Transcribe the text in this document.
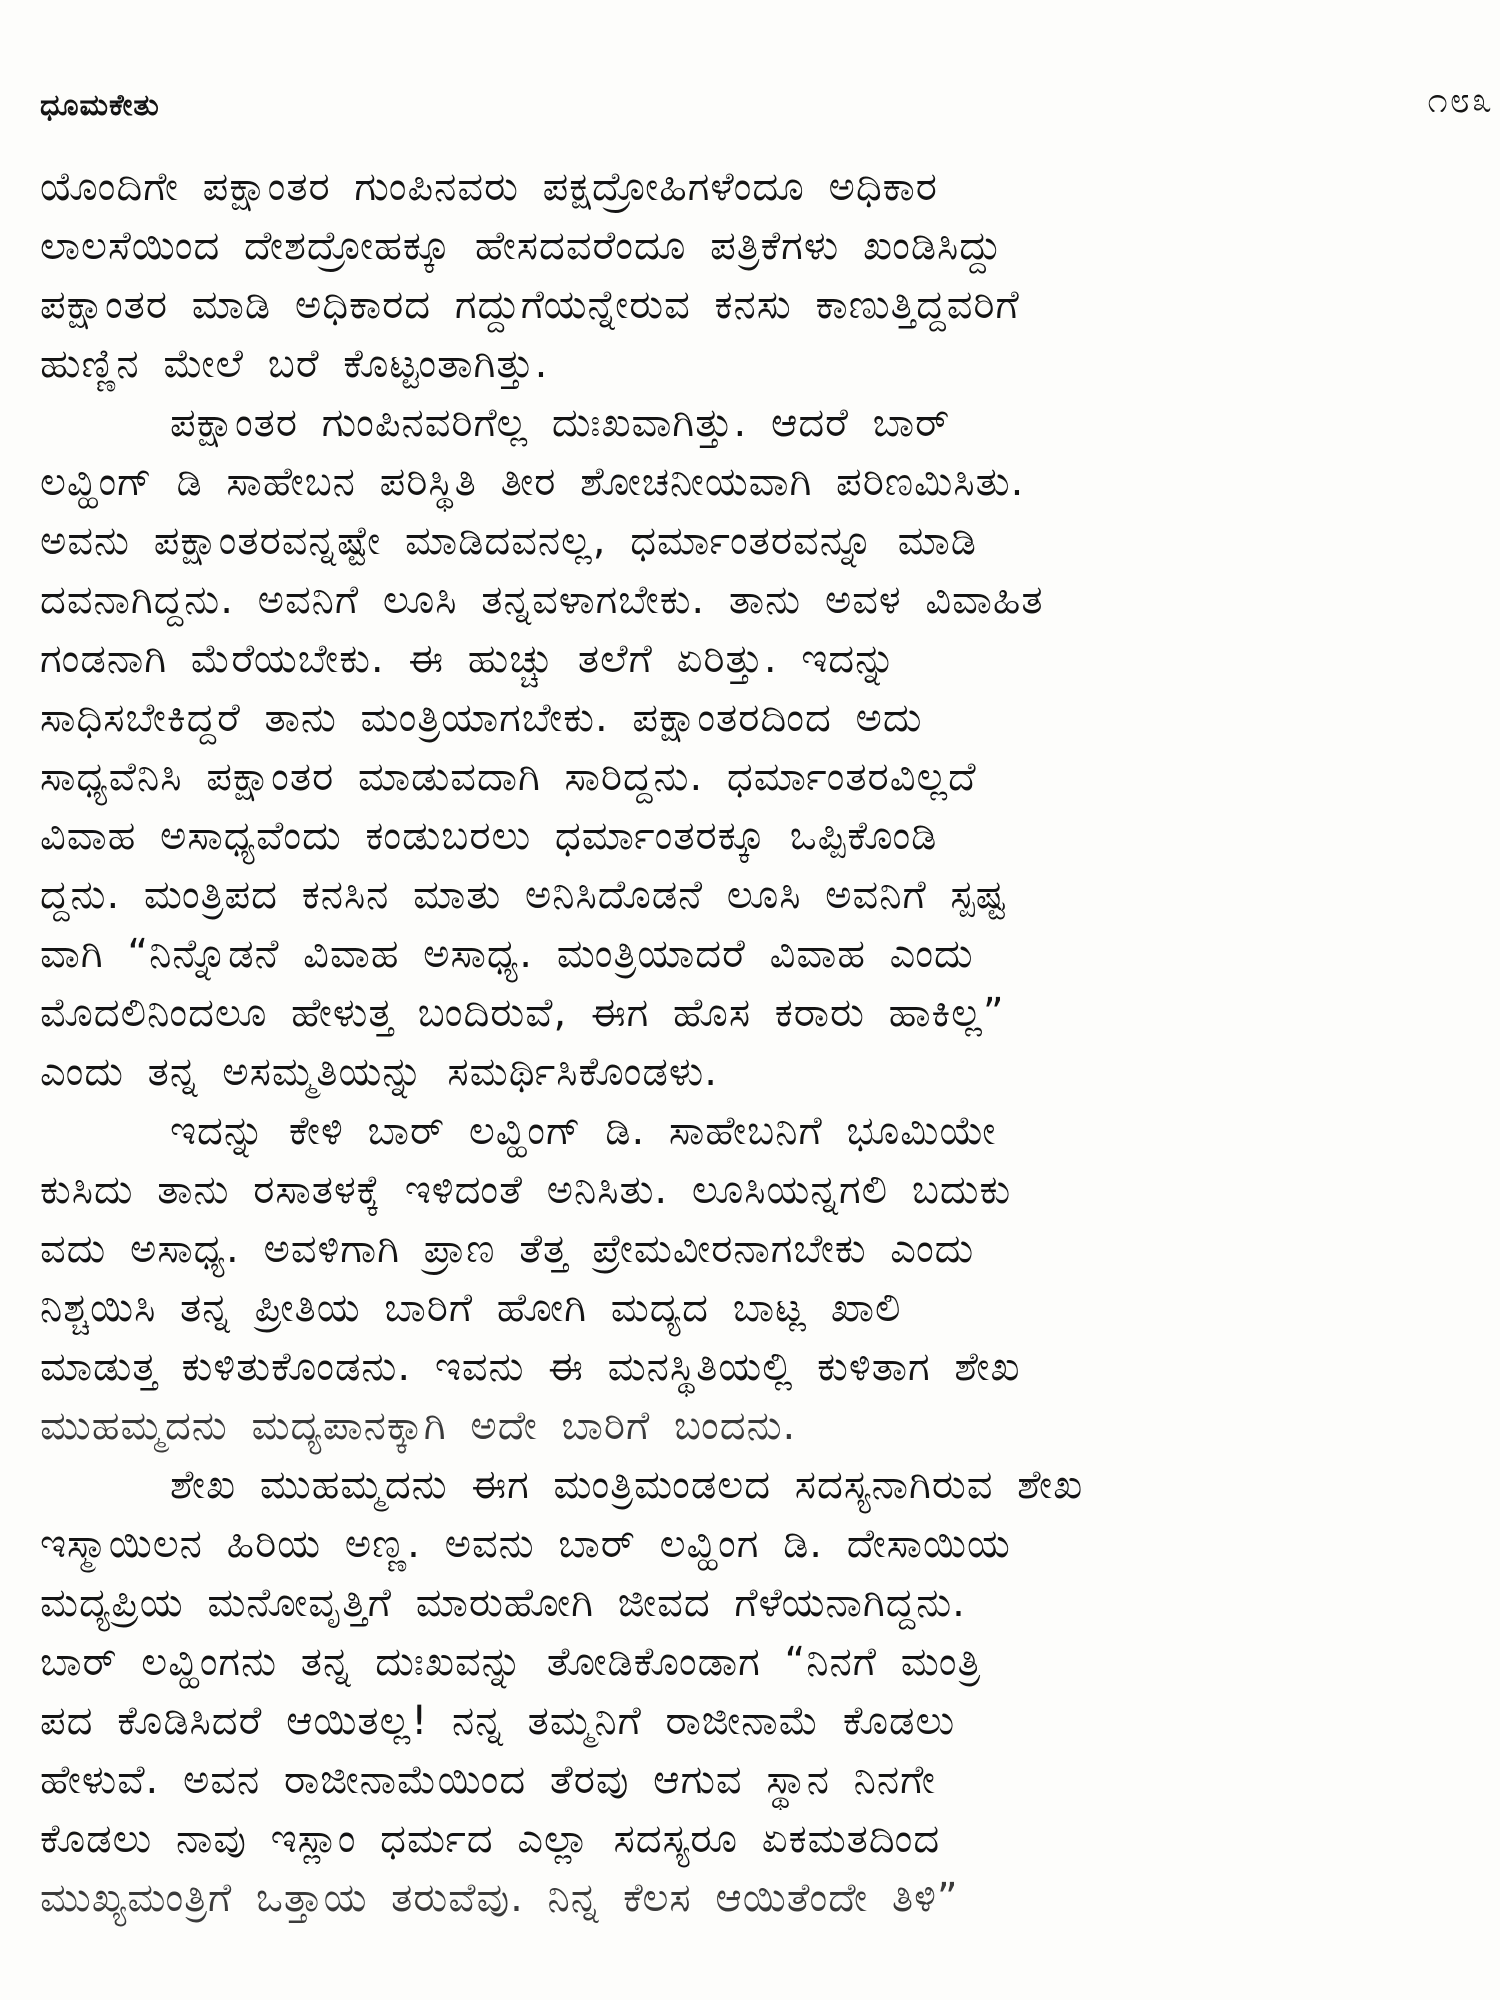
ಧೂಮಕೇತು	೧೮೩
ಯೊಂದಿಗೇ ಪಕ್ಷಾಂತರ ಗುಂಪಿನವರು ಪಕ್ಷದ್ರೋಹಿಗಳೆಂದೂ ಅಧಿಕಾರ
ಲಾಲಸೆಯಿಂದ ದೇಶದ್ರೋಹಕ್ಕೂ ಹೇಸದವರೆಂದೂ ಪತ್ರಿಕೆಗಳು ಖಂಡಿಸಿದ್ದು
ಪಕ್ಷಾಂತರ ಮಾಡಿ ಅಧಿಕಾರದ ಗದ್ದುಗೆಯನ್ನೇರುವ ಕನಸು ಕಾಣುತ್ತಿದ್ದವರಿಗೆ
ಹುಣ್ಣಿನ ಮೇಲೆ ಬರೆ ಕೊಟ್ಟಂತಾಗಿತ್ತು.
ಪಕ್ಷಾಂತರ ಗುಂಪಿನವರಿಗೆಲ್ಲ ದುಃಖವಾಗಿತ್ತು. ಆದರೆ ಬಾರ್
ಲವ್ಹಿಂಗ್ ಡಿ ಸಾಹೇಬನ ಪರಿಸ್ಥಿತಿ ತೀರ ಶೋಚನೀಯವಾಗಿ ಪರಿಣಮಿಸಿತು.
ಅವನು ಪಕ್ಷಾಂತರವನ್ನಷ್ಟೇ ಮಾಡಿದವನಲ್ಲ, ಧರ್ಮಾಂತರವನ್ನೂ ಮಾಡಿ
ದವನಾಗಿದ್ದನು. ಅವನಿಗೆ ಲೂಸಿ ತನ್ನವಳಾಗಬೇಕು. ತಾನು ಅವಳ ವಿವಾಹಿತ
ಗಂಡನಾಗಿ ಮೆರೆಯಬೇಕು. ಈ ಹುಚ್ಚು ತಲೆಗೆ ಏರಿತ್ತು. ಇದನ್ನು
ಸಾಧಿಸಬೇಕಿದ್ದರೆ ತಾನು ಮಂತ್ರಿಯಾಗಬೇಕು. ಪಕ್ಷಾಂತರದಿಂದ ಅದು
ಸಾಧ್ಯವೆನಿಸಿ ಪಕ್ಷಾಂತರ ಮಾಡುವದಾಗಿ ಸಾರಿದ್ದನು. ಧರ್ಮಾಂತರವಿಲ್ಲದೆ
ವಿವಾಹ ಅಸಾಧ್ಯವೆಂದು ಕಂಡುಬರಲು ಧರ್ಮಾಂತರಕ್ಕೂ ಒಪ್ಪಿಕೊಂಡಿ
ದ್ದನು. ಮಂತ್ರಿಪದ ಕನಸಿನ ಮಾತು ಅನಿಸಿದೊಡನೆ ಲೂಸಿ ಅವನಿಗೆ ಸ್ಪಷ್ಟ
ವಾಗಿ “ನಿನ್ನೊಡನೆ ವಿವಾಹ ಅಸಾಧ್ಯ. ಮಂತ್ರಿಯಾದರೆ ವಿವಾಹ ಎಂದು
ಮೊದಲಿನಿಂದಲೂ ಹೇಳುತ್ತ ಬಂದಿರುವೆ, ಈಗ ಹೊಸ ಕರಾರು ಹಾಕಿಲ್ಲ”
ಎಂದು ತನ್ನ ಅಸಮ್ಮತಿಯನ್ನು ಸಮರ್ಥಿಸಿಕೊಂಡಳು.
ಇದನ್ನು ಕೇಳಿ ಬಾರ್ ಲವ್ಹಿಂಗ್ ಡಿ. ಸಾಹೇಬನಿಗೆ ಭೂಮಿಯೇ
ಕುಸಿದು ತಾನು ರಸಾತಳಕ್ಕೆ ಇಳಿದಂತೆ ಅನಿಸಿತು. ಲೂಸಿಯನ್ನಗಲಿ ಬದುಕು
ವದು ಅಸಾಧ್ಯ. ಅವಳಿಗಾಗಿ ಪ್ರಾಣ ತೆತ್ತ ಪ್ರೇಮವೀರನಾಗಬೇಕು ಎಂದು
ನಿಶ್ಚಯಿಸಿ ತನ್ನ ಪ್ರೀತಿಯ ಬಾರಿಗೆ ಹೋಗಿ ಮದ್ಯದ ಬಾಟ್ಲ ಖಾಲಿ
ಮಾಡುತ್ತ ಕುಳಿತುಕೊಂಡನು. ಇವನು ಈ ಮನಸ್ಥಿತಿಯಲ್ಲಿ ಕುಳಿತಾಗ ಶೇಖ
ಮುಹಮ್ಮದನು ಮದ್ಯಪಾನಕ್ಕಾಗಿ ಅದೇ ಬಾರಿಗೆ ಬಂದನು.
ಶೇಖ ಮುಹಮ್ಮದನು ಈಗ ಮಂತ್ರಿಮಂಡಲದ ಸದಸ್ಯನಾಗಿರುವ ಶೇಖ
ಇಸ್ಮಾಯಿಲನ ಹಿರಿಯ ಅಣ್ಣ. ಅವನು ಬಾರ್ ಲವ್ಹಿಂಗ ಡಿ. ದೇಸಾಯಿಯ
ಮದ್ಯಪ್ರಿಯ ಮನೋವೃತ್ತಿಗೆ ಮಾರುಹೋಗಿ ಜೀವದ ಗೆಳೆಯನಾಗಿದ್ದನು.
ಬಾರ್ ಲವ್ಹಿಂಗನು ತನ್ನ ದುಃಖವನ್ನು ತೋಡಿಕೊಂಡಾಗ “ನಿನಗೆ ಮಂತ್ರಿ
ಪದ ಕೊಡಿಸಿದರೆ ಆಯಿತಲ್ಲ! ನನ್ನ ತಮ್ಮನಿಗೆ ರಾಜೀನಾಮೆ ಕೊಡಲು
ಹೇಳುವೆ. ಅವನ ರಾಜೀನಾಮೆಯಿಂದ ತೆರವು ಆಗುವ ಸ್ಥಾನ ನಿನಗೇ
ಕೊಡಲು ನಾವು ಇಸ್ಲಾಂ ಧರ್ಮದ ಎಲ್ಲಾ ಸದಸ್ಯರೂ ಏಕಮತದಿಂದ
ಮುಖ್ಯಮಂತ್ರಿಗೆ ಒತ್ತಾಯ ತರುವೆವು. ನಿನ್ನ ಕೆಲಸ ಆಯಿತೆಂದೇ ತಿಳಿ”
